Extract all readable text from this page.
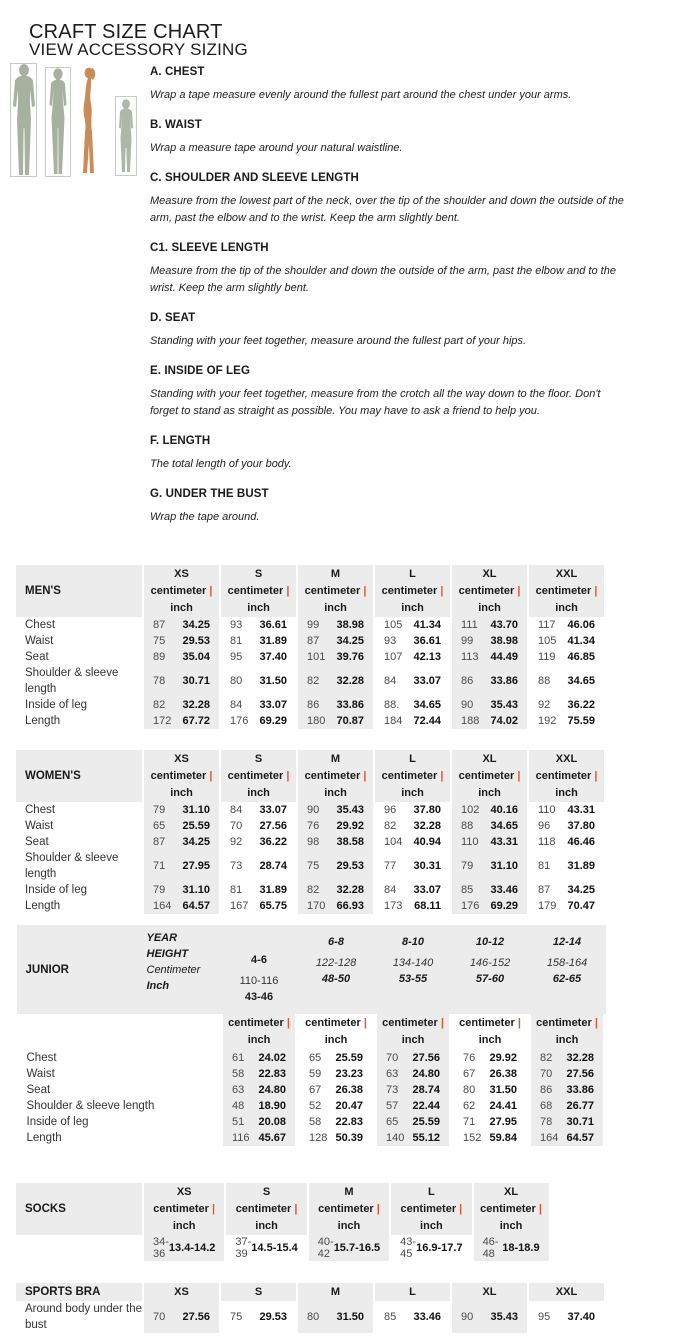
CRAFT SIZE CHART
VIEW ACCESSORY SIZING
A. CHEST

Wrap a tape measure evenly around the fullest part around the chest under your arms.

B. WAIST

Wrap a measure tape around your natural waistline.

C. SHOULDER AND SLEEVE LENGTH

Measure from the lowest part of the neck, over the tip of the shoulder and down the outside of the arm, past the elbow and to the wrist. Keep the arm slightly bent.

C1. SLEEVE LENGTH

Measure from the tip of the shoulder and down the outside of the arm, past the elbow and to the wrist. Keep the arm slightly bent.

D. SEAT

Standing with your feet together, measure around the fullest part of your hips.

E. INSIDE OF LEG

Standing with your feet together, measure from the crotch all the way down to the floor. Don't forget to stand as straight as possible. You may have to ask a friend to help you.

F. LENGTH

The total length of your body.

G. UNDER THE BUST

Wrap the tape around.

MEN'S	
XS
centimeter |
inch

S
centimeter |
inch

M
centimeter |
inch

L
centimeter |
inch

XL
centimeter |
inch

XXL
centimeter |
inch

Chest	87 34.25	93 36.61	99 38.98	105 41.34	111 43.70	117 46.06

Waist	75 29.53	81 31.89	87 34.25	93 36.61	99 38.98	105 41.34

Seat	89 35.04	95 37.40	101 39.76	107 42.13	113 44.49	119 46.85

Shoulder & sleeve length	78 30.71	80 31.50	82 32.28	84 33.07	86 33.86	88 34.65

Inside of leg	82 32.28	84 33.07	86 33.86	88. 34.65	90 35.43	92 36.22

Length	172 67.72	176 69.29	180 70.87	184 72.44	188 74.02	192 75.59
WOMEN'S	
XS
centimeter |
inch

S
centimeter |
inch

M
centimeter |
inch

L
centimeter |
inch

XL
centimeter |
inch

XXL
centimeter |
inch

Chest	79 31.10	84 33.07	90 35.43	96 37.80	102 40.16	110 43.31

Waist	65 25.59	70 27.56	76 29.92	82 32.28	88 34.65	96 37.80

Seat	87 34.25	92 36.22	98 38.58	104 40.94	110 43.31	118 46.46

Shoulder & sleeve length	71 27.95	73 28.74	75 29.53	77 30.31	79 31.10	81 31.89

Inside of leg	79 31.10	81 31.89	82 32.28	84 33.07	85 33.46	87 34.25

Length	164 64.57	167 65.75	170 66.93	173 68.11	176 69.29	179 70.47
JUNIOR	
YEAR
HEIGHT
Centimeter
Inch

4-6
110-116
43-46

6-8
122-128
48-50

8-10
134-140
53-55

10-12
146-152
57-60

12-14
158-164
62-65

centimeter |
inch

centimeter |
inch

centimeter |
inch

centimeter |
inch

centimeter |
inch

Chest		61 24.02	65 25.59	70 27.56	76 29.92	82 32.28

Waist		58 22.83	59 23.23	63 24.80	67 26.38	70 27.56

Seat		63 24.80	67 26.38	73 28.74	80 31.50	86 33.86

Shoulder & sleeve length		48 18.90	52 20.47	57 22.44	62 24.41	68 26.77

Inside of leg		51 20.08	58 22.83	65 25.59	71 27.95	78 30.71

Length		116 45.67	128 50.39	140 55.12	152 59.84	164 64.57
SOCKS	
XS
centimeter |
inch

S
centimeter |
inch

M
centimeter |
inch

L
centimeter |
inch

XL
centimeter |
inch

	34-36 13.4-14.2	37-39 14.5-15.4	40-42 15.7-16.5	43-45 16.9-17.7	46-48 18-18.9
SPORTS BRA	XS	S	M	L	XL	XXL

Around body under the bust	70 27.56	75 29.53	80 31.50	85 33.46	90 35.43	95 37.40
